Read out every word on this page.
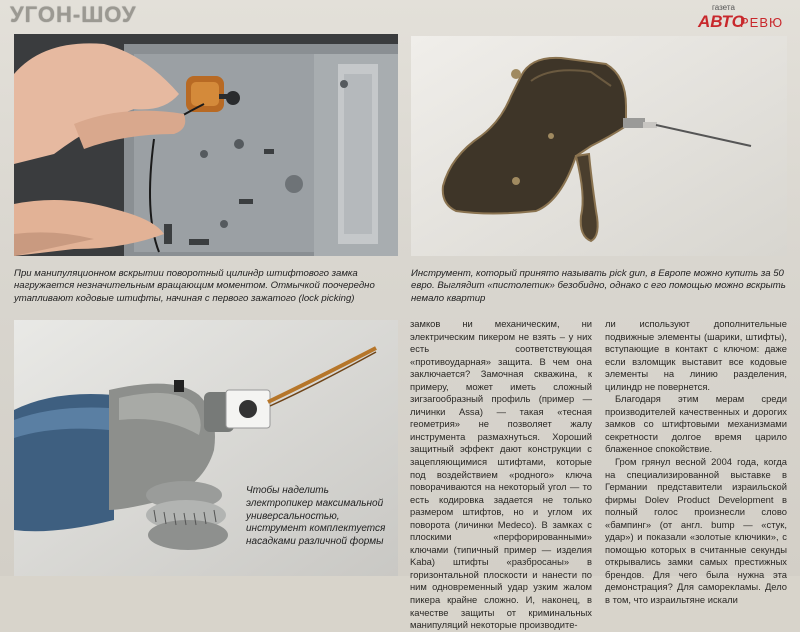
УГОН-ШОУ	газета
АВТО
РЕВЮ
При манипуляционном вскрытии поворотный цилиндр штифтового замка нагружается незначительным вращающим моментом. Отмычкой поочередно утапливают кодовые штифты, начиная с первого зажатого (lock picking)
Инструмент, который принято называть pick gun, в Европе можно купить за 50 евро. Выглядит «пистолетик» безобидно, однако с его помощью можно вскрыть немало квартир
Чтобы наделить электропикер максимальной универсальностью, инструмент комплектуется насадками различной формы

замков ни механическим, ни электрическим пикером не взять – у них есть соответствующая «противоударная» защита. В чем она заключается? Замочная скважина, к примеру, может иметь сложный зигзагообразный профиль (пример — личинки Assa) — такая «тесная геометрия» не позволяет жалу инструмента размахнуться. Хороший защитный эффект дают конструкции с зацепляющимися штифтами, которые под воздействием «родного» ключа поворачиваются на некоторый угол — то есть кодировка задается не только размером штифтов, но и углом их поворота (личинки Medeco). В замках с плоскими «перфорированными» ключами (типичный пример — изделия Kaba) штифты «разбросаны» в горизонтальной плоскости и нанести по ним одновременный удар узким жалом пикера крайне сложно. И, наконец, в качестве защиты от криминальных манипуляций некоторые производите-

ли используют дополнительные подвижные элементы (шарики, штифты), вступающие в контакт с ключом: даже если взломщик выставит все кодовые элементы на линию разделения, цилиндр не повернется.

Благодаря этим мерам среди производителей качественных и дорогих замков со штифтовыми механизмами секретности долгое время царило блаженное спокойствие.

Гром грянул весной 2004 года, когда на специализированной выставке в Германии представители израильской фирмы Dolev Product Development в полный голос произнесли слово «бампинг» (от англ. bump — «стук, удар») и показали «золотые ключики», с помощью которых в считанные секунды открывались замки самых престижных брендов. Для чего была нужна эта демонстрация? Для саморекламы. Дело в том, что израильтяне искали
